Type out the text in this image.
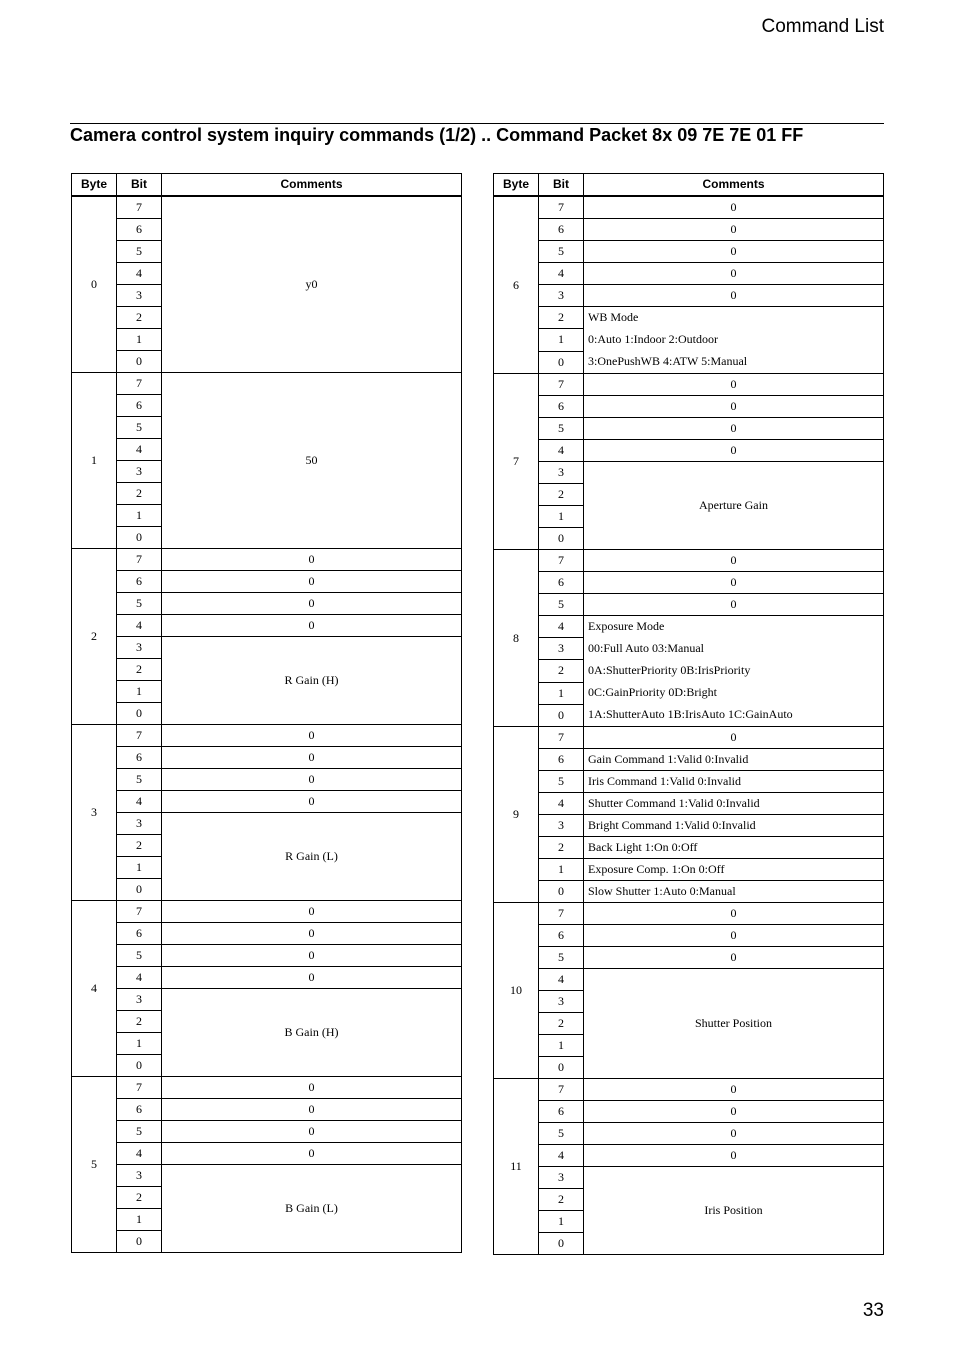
Command List
Camera control system inquiry commands (1/2) .. Command Packet 8x 09 7E 7E 01 FF
Byte	Bit	Comments
0	7	y0
	6	
	5	
	4	
	3	
	2	
	1	
	0	
1	7	50
	6	
	5	
	4	
	3	
	2	
	1	
	0	
2	7	0
	6	0
	5	0
	4	0
	3	R Gain (H)
	2	
	1	
	0	
3	7	0
	6	0
	5	0
	4	0
	3	R Gain (L)
	2	
	1	
	0	
4	7	0
	6	0
	5	0
	4	0
	3	B Gain (H)
	2	
	1	
	0	
5	7	0
	6	0
	5	0
	4	0
	3	B Gain (L)
	2	
	1	
	0	
Byte	Bit	Comments
6	7	0
	6	0
	5	0
	4	0
	3	0
	2	WB Mode
0:Auto 1:Indoor 2:Outdoor
3:OnePushWB 4:ATW 5:Manual

	1	
	0	
7	7	0
	6	0
	5	0
	4	0
	3	Aperture Gain
	2	
	1	
	0	
8	7	0
	6	0
	5	0
	4	Exposure Mode
00:Full Auto 03:Manual
0A:ShutterPriority 0B:IrisPriority
0C:GainPriority 0D:Bright
1A:ShutterAuto 1B:IrisAuto 1C:GainAuto

	3	
	2	
	1	
	0	
9	7	0
	6	Gain Command 1:Valid 0:Invalid
	5	Iris Command 1:Valid 0:Invalid
	4	Shutter Command 1:Valid 0:Invalid
	3	Bright Command 1:Valid 0:Invalid
	2	Back Light 1:On 0:Off
	1	Exposure Comp. 1:On 0:Off
	0	Slow Shutter 1:Auto 0:Manual
10	7	0
	6	0
	5	0
	4	Shutter Position
	3	
	2	
	1	
	0	
11	7	0
	6	0
	5	0
	4	0
	3	Iris Position
	2	
	1	
	0	
33
